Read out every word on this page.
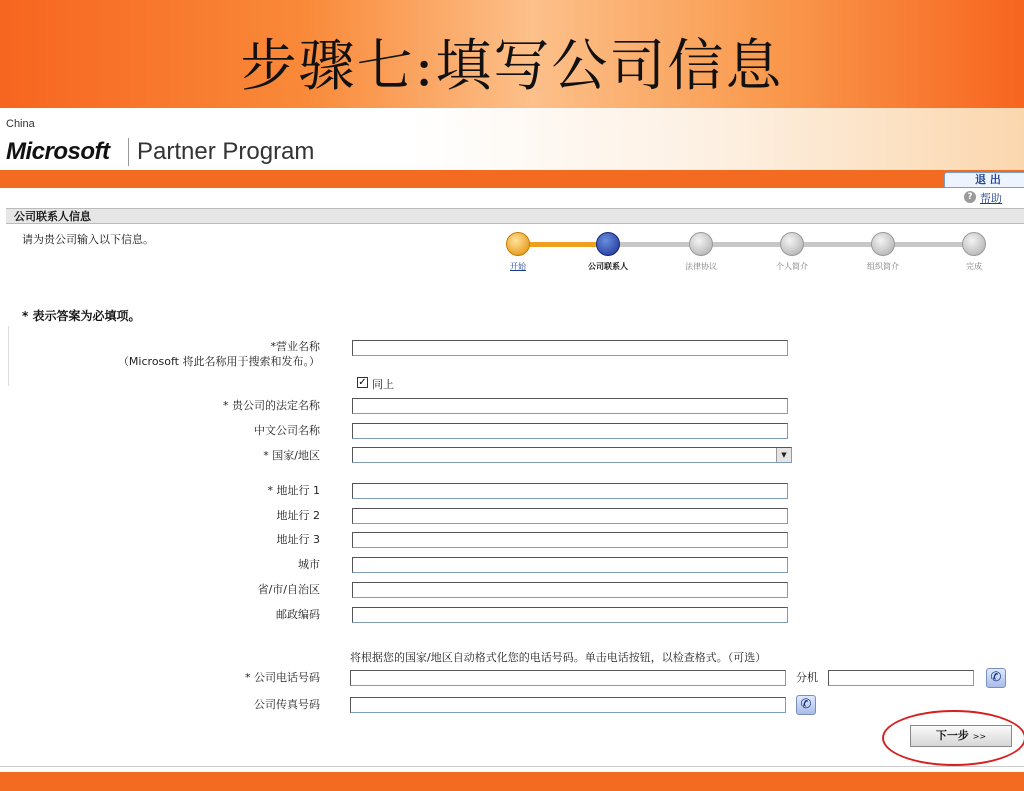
步骤七:填写公司信息
China
Microsoft Partner Program
退 出
? 帮助
公司联系人信息
请为贵公司输入以下信息。
开始	公司联系人	法律协议	个人简介	组织简介	完成
* 表示答案为必填项。
*营业名称
（Microsoft 将此名称用于搜索和发布。）
✓ 同上
* 贵公司的法定名称
中文公司名称
* 国家/地区	▼
* 地址行 1
地址行 2
地址行 3
城市
省/市/自治区
邮政编码
将根据您的国家/地区自动格式化您的电话号码。单击电话按钮，以检查格式。（可选）
* 公司电话号码	分机	✆
公司传真号码	✆
下一步 >>
